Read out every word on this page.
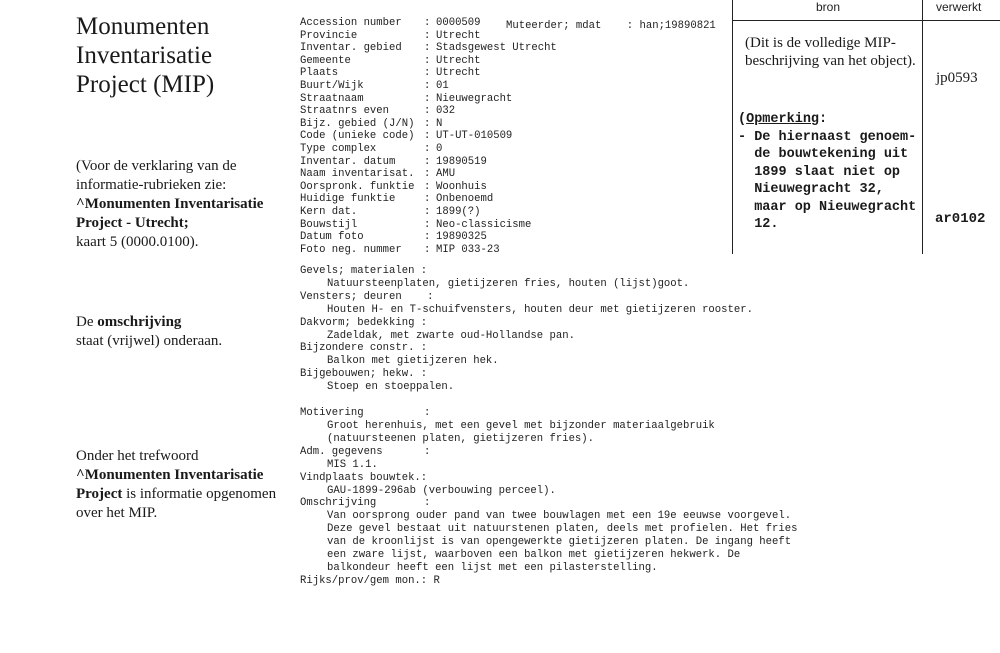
Monumenten
Inventarisatie
Project (MIP)
(Voor de verklaring van de informatie-rubrieken zie:
^Monumenten Inventarisatie Project - Utrecht;
kaart 5 (0000.0100).
De omschrijving
staat (vrijwel) onderaan.
Onder het trefwoord
^Monumenten Inventarisatie Project is informatie opgenomen over het MIP.
Muteerder; mdat    : han;19890821
Accession number : 0000509
Provincie	: Utrecht
Inventar. gebied : Stadsgewest Utrecht
Gemeente	: Utrecht
Plaats	: Utrecht
Buurt/Wijk	: 01
Straatnaam	: Nieuwegracht
Straatnrs even	: 032
Bijz. gebied (J/N) : N
Code (unieke code) : UT-UT-010509
Type complex	: 0
Inventar. datum	: 19890519
Naam inventarisat. : AMU
Oorspronk. funktie : Woonhuis
Huidige funktie	: Onbenoemd
Kern dat.	: 1899(?)
Bouwstijl	: Neo-classicisme
Datum foto	: 19890325
Foto neg. nummer : MIP 033-23
Gevels; materialen :
Natuursteenplaten, gietijzeren fries, houten (lijst)goot.
Vensters; deuren    :
Houten H- en T-schuifvensters, houten deur met gietijzeren rooster.
Dakvorm; bedekking :
Zadeldak, met zwarte oud-Hollandse pan.
Bijzondere constr. :
Balkon met gietijzeren hek.
Bijgebouwen; hekw. :
Stoep en stoeppalen.
Motivering	:
Groot herenhuis, met een gevel met bijzonder materiaalgebruik
(natuursteenen platen, gietijzeren fries).
Adm. gegevens	:
MIS 1.1.
Vindplaats bouwtek.:
GAU-1899-296ab (verbouwing perceel).
Omschrijving	:
Van oorsprong ouder pand van twee bouwlagen met een 19e eeuwse voorgevel.
Deze gevel bestaat uit natuurstenen platen, deels met profielen. Het fries
van de kroonlijst is van opengewerkte gietijzeren platen. De ingang heeft
een zware lijst, waarboven een balkon met gietijzeren hekwerk. De
balkondeur heeft een lijst met een pilasterstelling.
Rijks/prov/gem mon.: R
bron	verwerkt
(Dit is de volledige MIP-beschrijving van het object).
jp0593
(Opmerking:
- De hiernaast genoem-
de bouwtekening uit
1899 slaat niet op
Nieuwegracht 32,
maar op Nieuwegracht
12.	ar0102
